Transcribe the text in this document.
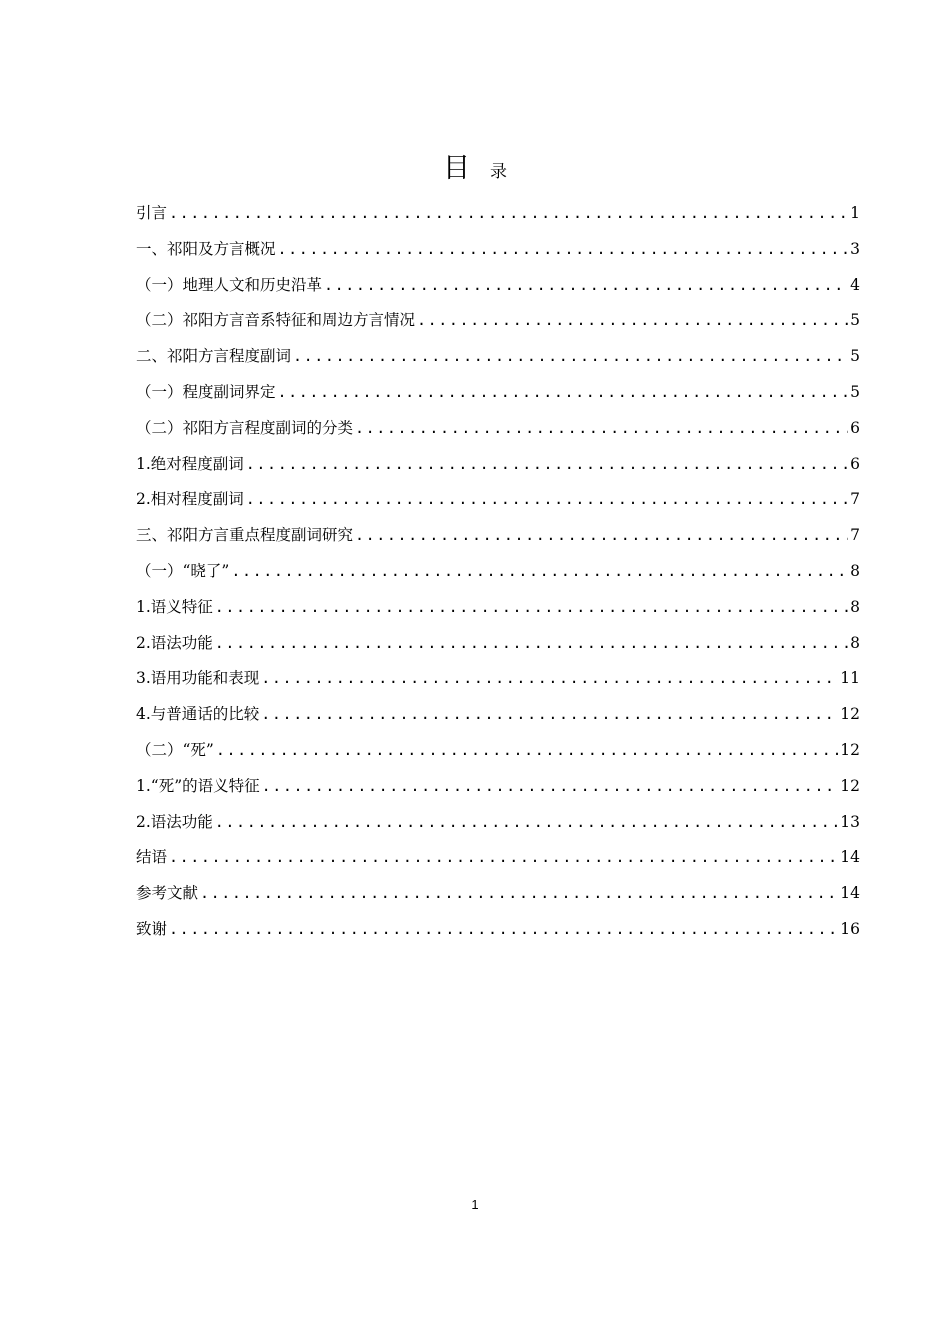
目 录
引言 .....	1
一、祁阳及方言概况 .....	3
（一）地理人文和历史沿革 .....	4
（二）祁阳方言音系特征和周边方言情况 .....	5
二、祁阳方言程度副词 .....	5
（一）程度副词界定 .....	5
（二）祁阳方言程度副词的分类 .....	6
1.绝对程度副词 .....	6
2.相对程度副词 .....	7
三、祁阳方言重点程度副词研究 .....	7
（一）“晓了” .....	8
1.语义特征 .....	8
2.语法功能 .....	8
3.语用功能和表现 .....	11
4.与普通话的比较 .....	12
（二）“死” .....	12
1.“死”的语义特征 .....	12
2.语法功能 .....	13
结语 .....	14
参考文献 .....	14
致谢 .....	16
1
